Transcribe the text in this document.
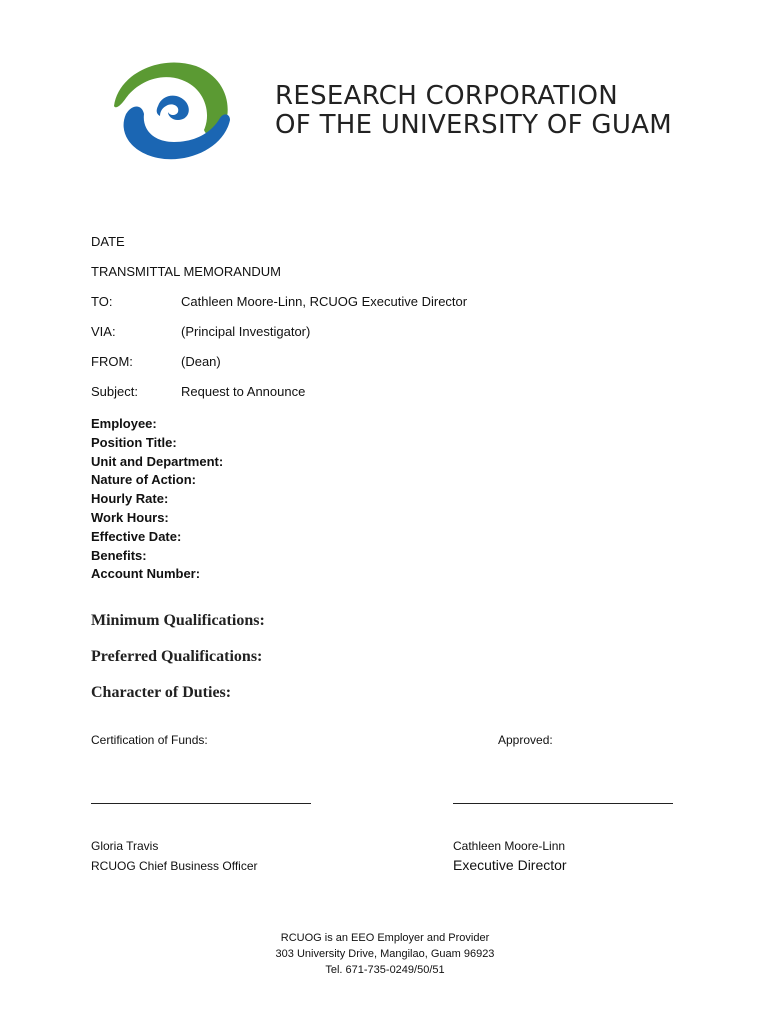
RESEARCH CORPORATION
OF THE UNIVERSITY OF GUAM
DATE
TRANSMITTAL MEMORANDUM
TO:	Cathleen Moore-Linn, RCUOG Executive Director
VIA:	(Principal Investigator)
FROM:	(Dean)
Subject:	Request to Announce
Employee:
Position Title:
Unit and Department:
Nature of Action:
Hourly Rate:
Work Hours:
Effective Date:
Benefits:
Account Number:
Minimum Qualifications:
Preferred Qualifications:
Character of Duties:
Certification of Funds:	Approved:
Gloria Travis
RCUOG Chief Business Officer
Cathleen Moore-Linn
Executive Director
RCUOG is an EEO Employer and Provider
303 University Drive, Mangilao, Guam 96923
Tel. 671-735-0249/50/51
